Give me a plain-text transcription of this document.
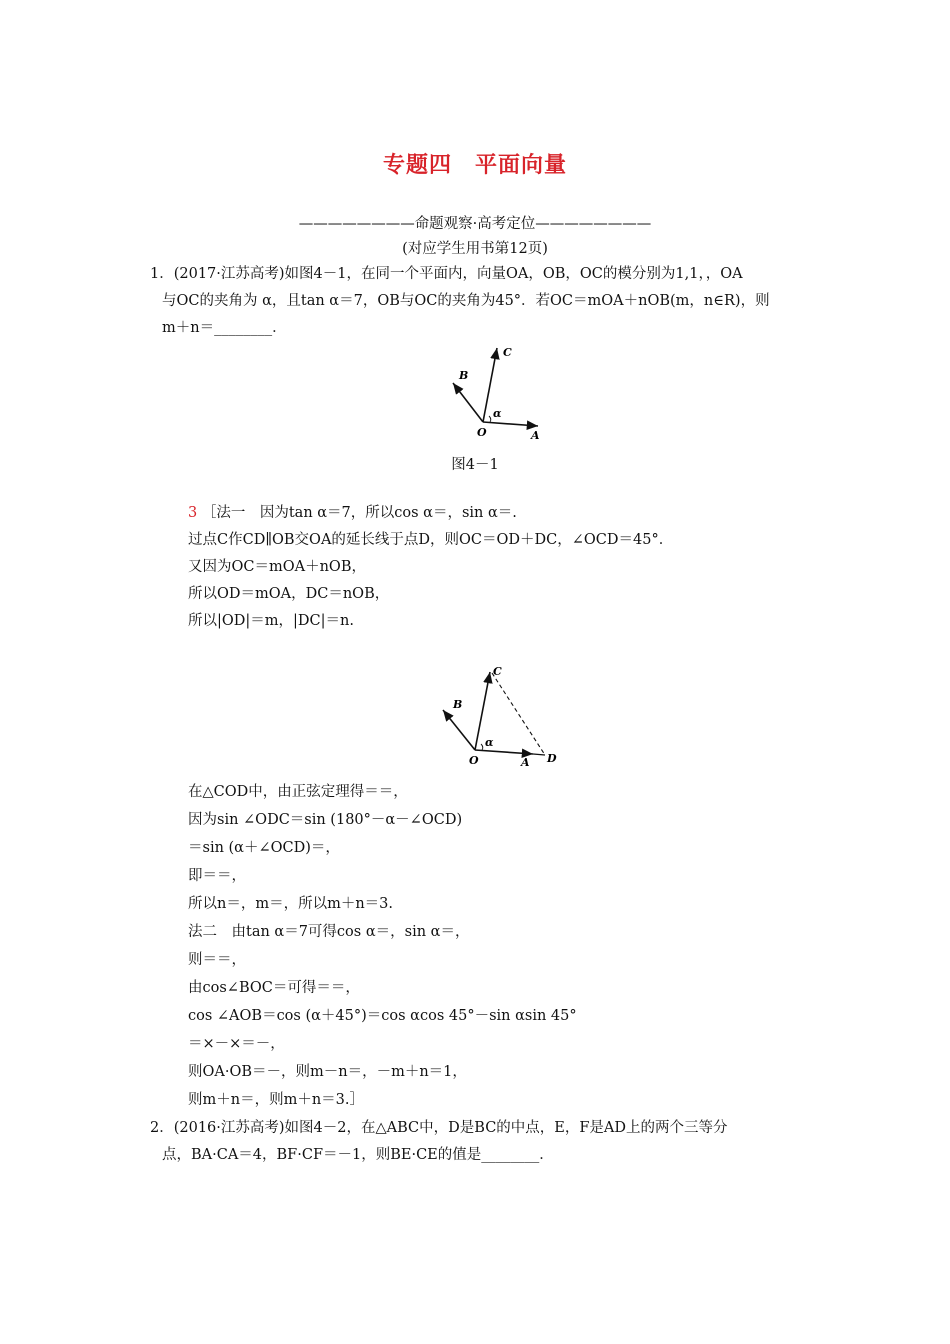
专题四　平面向量
————————命题观察·高考定位————————
(对应学生用书第12页)
1．(2017·江苏高考)如图4－1，在同一个平面内，向量OA，OB，OC的模分别为1,1，，OA
与OC的夹角为 α，且tan α＝7，OB与OC的夹角为45°．若OC＝mOA＋nOB(m，n∈R)，则
m＋n＝________．
O	A
B
C
α
图4－1
3 ［法一　因为tan α＝7，所以cos α＝，sin α＝.
过点C作CD∥OB交OA的延长线于点D，则OC＝OD＋DC，∠OCD＝45°．
又因为OC＝mOA＋nOB，
所以OD＝mOA，DC＝nOB，
所以|OD|＝m，|DC|＝n.
O	A
B
C
D
α
在△COD中，由正弦定理得＝＝，
因为sin ∠ODC＝sin (180°－α－∠OCD)
＝sin (α＋∠OCD)＝，
即＝＝，
所以n＝，m＝，所以m＋n＝3.
法二　由tan α＝7可得cos α＝，sin α＝，
则＝＝，
由cos∠BOC＝可得＝＝，
cos ∠AOB＝cos (α＋45°)＝cos αcos 45°－sin αsin 45°
＝×－×＝－，
则OA·OB＝－，则m－n＝，－m＋n＝1，
则m＋n＝，则m＋n＝3.］
2．(2016·江苏高考)如图4－2，在△ABC中，D是BC的中点，E，F是AD上的两个三等分
点，BA·CA＝4，BF·CF＝－1，则BE·CE的值是________．
